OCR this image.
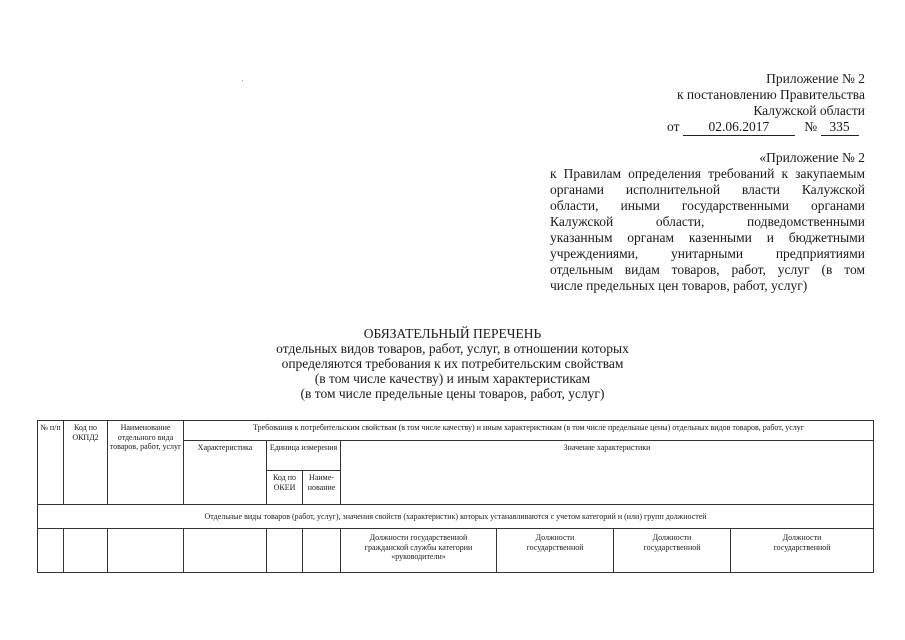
Приложение № 2
к постановлению Правительства
Калужской области
от 02.06.2017	№ 335
«Приложение № 2
к Правилам определения требований к закупаемым
органами исполнительной власти Калужской
области, иными государственными органами
Калужской области, подведомственными
указанным органам казенными и бюджетными
учреждениями, унитарными предприятиями
отдельным видам товаров, работ, услуг (в том
числе предельных цен товаров, работ, услуг)
ОБЯЗАТЕЛЬНЫЙ ПЕРЕЧЕНЬ
отдельных видов товаров, работ, услуг, в отношении которых
определяются требования к их потребительским свойствам
(в том числе качеству) и иным характеристикам
(в том числе предельные цены товаров, работ, услуг)
№ п/п	Код по ОКПД2	Наименование отдельного вида товаров, работ, услуг	Требования к потребительским свойствам (в том числе качеству) и иным характеристикам (в том числе предельные цены) отдельных видов товаров, работ, услуг						
			Характеристика	Единица измерения		Значение характеристики			
				Код по ОКЕИ	Наиме-нование				
Отдельные виды товаров (работ, услуг), значения свойств (характеристик) которых устанавливаются с учетом категорий и (или) групп должностей									
						Должности государственной гражданской службы категории «руководители»	Должности государственной	Должности государственной	Должности государственной
